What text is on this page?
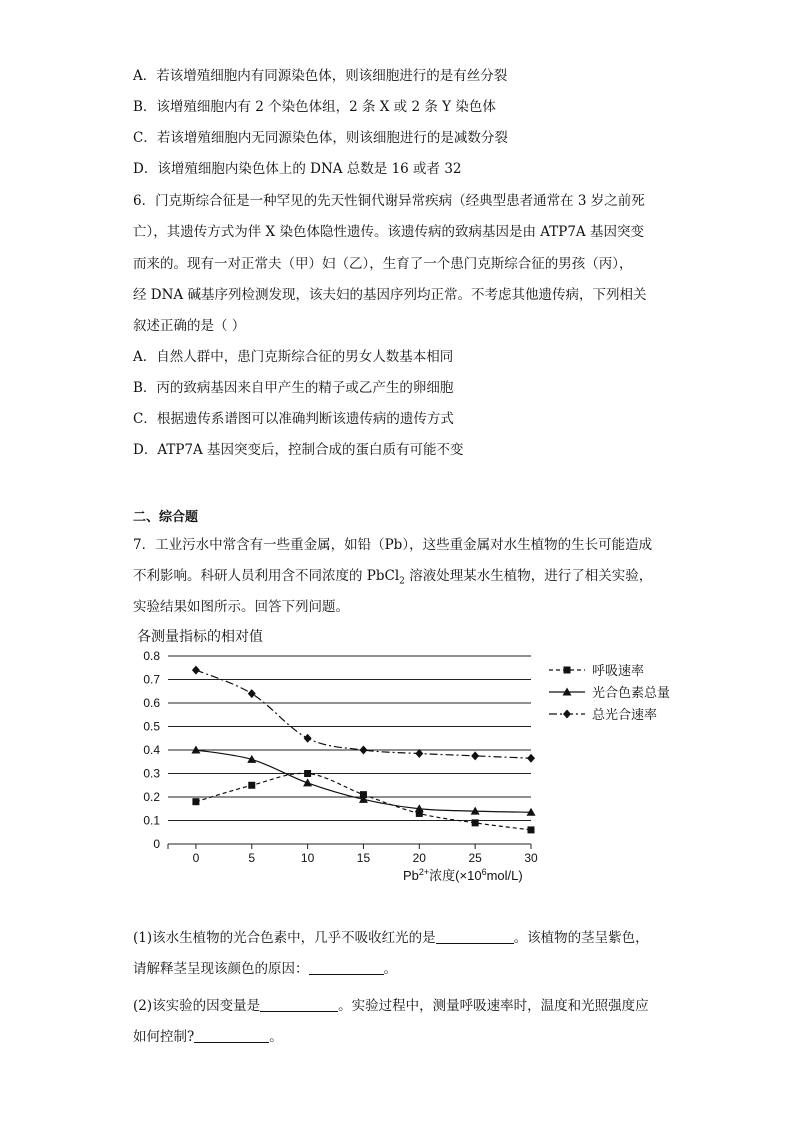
A．若该增殖细胞内有同源染色体，则该细胞进行的是有丝分裂
B．该增殖细胞内有 2 个染色体组，2 条 X 或 2 条 Y 染色体
C．若该增殖细胞内无同源染色体，则该细胞进行的是减数分裂
D．该增殖细胞内染色体上的 DNA 总数是 16 或者 32
6．门克斯综合征是一种罕见的先天性铜代谢异常疾病（经典型患者通常在 3 岁之前死
亡），其遗传方式为伴 X 染色体隐性遗传。该遗传病的致病基因是由 ATP7A 基因突变
而来的。现有一对正常夫（甲）妇（乙），生育了一个患门克斯综合征的男孩（丙），
经 DNA 碱基序列检测发现，该夫妇的基因序列均正常。不考虑其他遗传病，下列相关
叙述正确的是（ ）
A．自然人群中，患门克斯综合征的男女人数基本相同
B．丙的致病基因来自甲产生的精子或乙产生的卵细胞
C．根据遗传系谱图可以准确判断该遗传病的遗传方式
D．ATP7A 基因突变后，控制合成的蛋白质有可能不变
二、综合题
7．工业污水中常含有一些重金属，如铅（Pb），这些重金属对水生植物的生长可能造成
不利影响。科研人员利用含不同浓度的 PbCl$_2$ 溶液处理某水生植物，进行了相关实验，
实验结果如图所示。回答下列问题。
各测量指标的相对值
0
0.1
0.2
0.3
0.4
0.5
0.6
0.7
0.8
0	5	10	15	20	25	30
呼吸速率
光合色素总量
总光合速率
$Pb^{2+}$浓度$(\times 10^6mol/L)$
(1)该水生植物的光合色素中，几乎不吸收红光的是	。该植物的茎呈紫色，
请解释茎呈现该颜色的原因：	。
(2)该实验的因变量是	。实验过程中，测量呼吸速率时，温度和光照强度应
如何控制?	。
